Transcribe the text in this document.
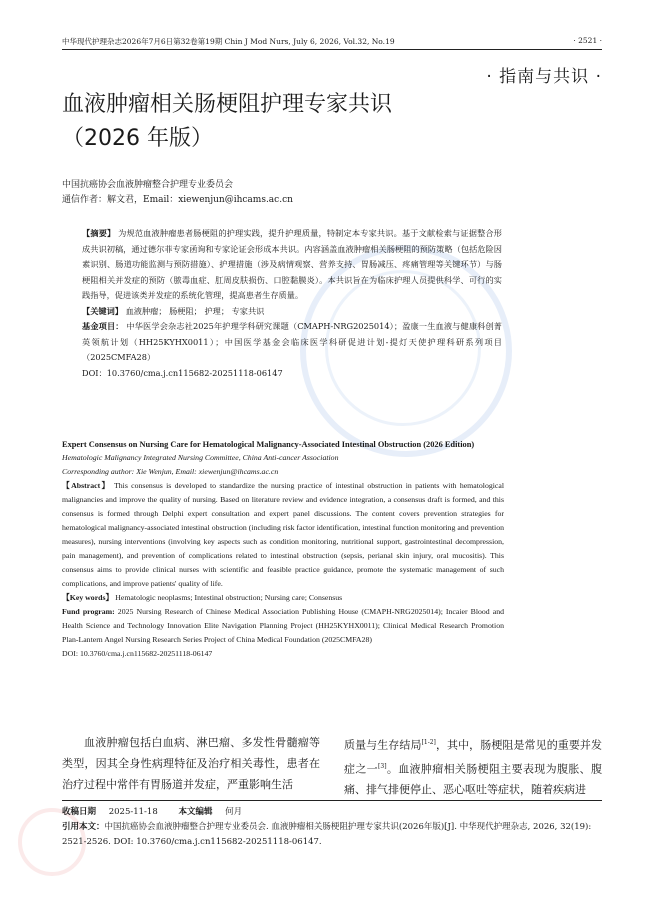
中华现代护理杂志2026年7月6日第32卷第19期 Chin J Mod Nurs, July 6, 2026, Vol.32, No.19	· 2521 ·
· 指南与共识 ·
血液肿瘤相关肠梗阻护理专家共识
（2026 年版）
中国抗癌协会血液肿瘤整合护理专业委员会
通信作者：解文君，Email：xiewenjun@ihcams.ac.cn
【摘要】 为规范血液肿瘤患者肠梗阻的护理实践，提升护理质量，特制定本专家共识。基于文献检索与证据整合形成共识初稿，通过德尔菲专家函询和专家论证会形成本共识。内容涵盖血液肿瘤相关肠梗阻的预防策略（包括危险因素识别、肠道功能监测与预防措施）、护理措施（涉及病情观察、营养支持、胃肠减压、疼痛管理等关键环节）与肠梗阻相关并发症的预防（脓毒血症、肛周皮肤损伤、口腔黏膜炎）。本共识旨在为临床护理人员提供科学、可行的实践指导，促进该类并发症的系统化管理，提高患者生存质量。
【关键词】 血液肿瘤； 肠梗阻； 护理； 专家共识
基金项目： 中华医学会杂志社2025年护理学科研究课题（CMAPH-NRG2025014）；盈康一生血液与健康科创菁英领航计划（HH25KYHX0011）；中国医学基金会临床医学科研促进计划-提灯天使护理科研系列项目（2025CMFA28）
DOI：10.3760/cma.j.cn115682-20251118-06147
Expert Consensus on Nursing Care for Hematological Malignancy-Associated Intestinal Obstruction (2026 Edition)
Hematologic Malignancy Integrated Nursing Committee, China Anti-cancer Association
Corresponding author: Xie Wenjun, Email: xiewenjun@ihcams.ac.cn
【Abstract】 This consensus is developed to standardize the nursing practice of intestinal obstruction in patients with hematological malignancies and improve the quality of nursing. Based on literature review and evidence integration, a consensus draft is formed, and this consensus is formed through Delphi expert consultation and expert panel discussions. The content covers prevention strategies for hematological malignancy-associated intestinal obstruction (including risk factor identification, intestinal function monitoring and prevention measures), nursing interventions (involving key aspects such as condition monitoring, nutritional support, gastrointestinal decompression, pain management), and prevention of complications related to intestinal obstruction (sepsis, perianal skin injury, oral mucositis). This consensus aims to provide clinical nurses with scientific and feasible practice guidance, promote the systematic management of such complications, and improve patients' quality of life.
【Key words】 Hematologic neoplasms; Intestinal obstruction; Nursing care; Consensus
Fund program: 2025 Nursing Research of Chinese Medical Association Publishing House (CMAPH-NRG2025014); Incaier Blood and Health Science and Technology Innovation Elite Navigation Planning Project (HH25KYHX0011); Clinical Medical Research Promotion Plan-Lantern Angel Nursing Research Series Project of China Medical Foundation (2025CMFA28)
DOI: 10.3760/cma.j.cn115682-20251118-06147
血液肿瘤包括白血病、淋巴瘤、多发性骨髓瘤等类型，因其全身性病理特征及治疗相关毒性，患者在治疗过程中常伴有胃肠道并发症，严重影响生活
质量与生存结局[1-2]，其中，肠梗阻是常见的重要并发症之一[3]。血液肿瘤相关肠梗阻主要表现为腹胀、腹痛、排气排便停止、恶心呕吐等症状，随着疾病进
收稿日期 2025-11-18 本文编辑 何月
引用本文：中国抗癌协会血液肿瘤整合护理专业委员会. 血液肿瘤相关肠梗阻护理专家共识(2026年版)[J]. 中华现代护理杂志, 2026, 32(19): 2521-2526. DOI: 10.3760/cma.j.cn115682-20251118-06147.
